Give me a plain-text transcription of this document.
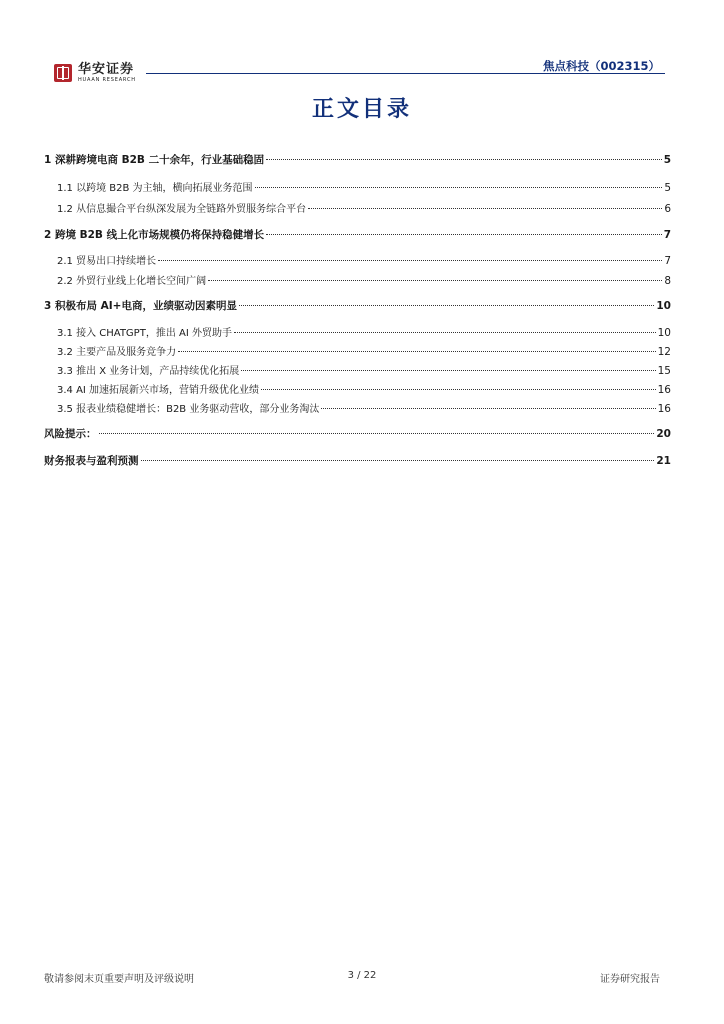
华安证券
HUAAN RESEARCH
焦点科技（002315）
正文目录
1 深耕跨境电商 B2B 二十余年，行业基础稳固	5
1.1 以跨境 B2B 为主轴，横向拓展业务范围	5
1.2 从信息撮合平台纵深发展为全链路外贸服务综合平台	6
2 跨境 B2B 线上化市场规模仍将保持稳健增长	7
2.1 贸易出口持续增长	7
2.2 外贸行业线上化增长空间广阔	8
3 积极布局 AI+电商，业绩驱动因素明显	10
3.1 接入 CHATGPT，推出 AI 外贸助手	10
3.2 主要产品及服务竞争力	12
3.3 推出 X 业务计划，产品持续优化拓展	15
3.4 AI 加速拓展新兴市场，营销升级优化业绩	16
3.5 报表业绩稳健增长：B2B 业务驱动营收，部分业务淘汰	16
风险提示：	20
财务报表与盈利预测	21
敬请参阅末页重要声明及评级说明	3 / 22	证券研究报告
